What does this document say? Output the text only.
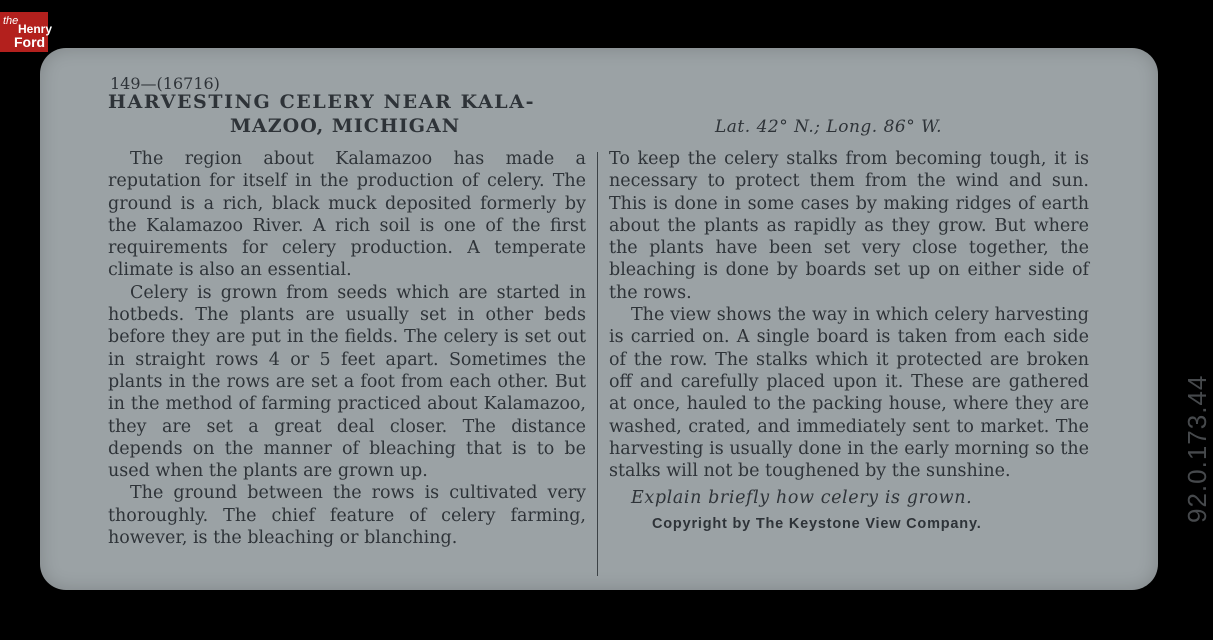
the
Henry
Ford
149—(16716)
HARVESTING CELERY NEAR KALA-
MAZOO, MICHIGAN	Lat. 42° N.; Long. 86° W.

The region about Kalamazoo has made a reputation for itself in the production of celery. The ground is a rich, black muck deposited formerly by the Kalamazoo River. A rich soil is one of the first requirements for celery production. A temperate climate is also an essential.

Celery is grown from seeds which are started in hotbeds. The plants are usually set in other beds before they are put in the fields. The celery is set out in straight rows 4 or 5 feet apart. Sometimes the plants in the rows are set a foot from each other. But in the method of farming practiced about Kalamazoo, they are set a great deal closer. The distance depends on the manner of bleaching that is to be used when the plants are grown up.

The ground between the rows is cultivated very thoroughly. The chief feature of celery farming, however, is the bleaching or blanching.

To keep the celery stalks from becoming tough, it is necessary to protect them from the wind and sun. This is done in some cases by making ridges of earth about the plants as rapidly as they grow. But where the plants have been set very close together, the bleaching is done by boards set up on either side of the rows.

The view shows the way in which celery harvesting is carried on. A single board is taken from each side of the row. The stalks which it protected are broken off and carefully placed upon it. These are gathered at once, hauled to the packing house, where they are washed, crated, and immediately sent to market. The harvesting is usually done in the early morning so the stalks will not be toughened by the sunshine.

Explain briefly how celery is grown.
Copyright by The Keystone View Company.
92.0.173.44
